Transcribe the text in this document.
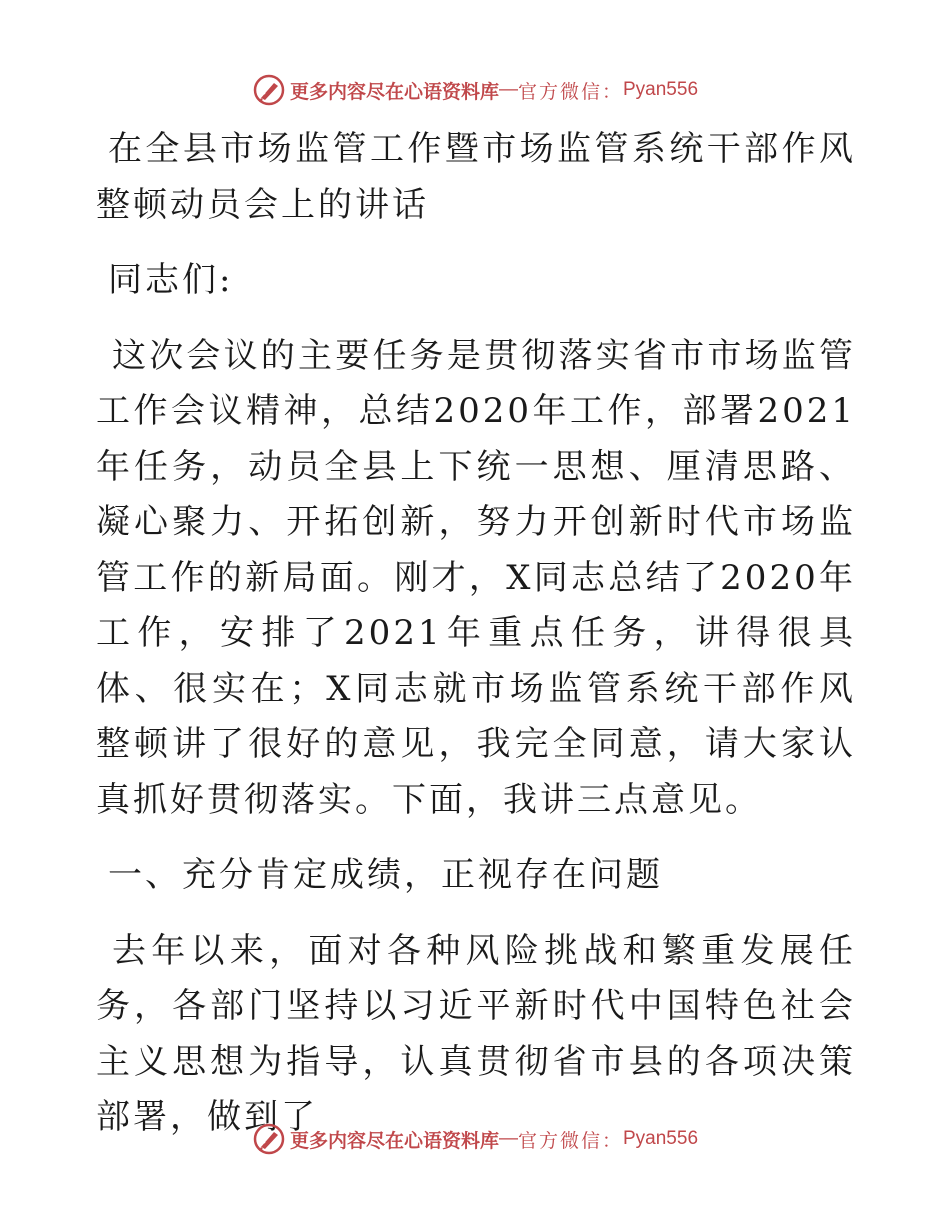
更多内容尽在心语资料库 — 官方微信： Pyan556

在全县市场监管工作暨市场监管系统干部作风整顿动员会上的讲话

同志们:

这次会议的主要任务是贯彻落实省市市场监管工作会议精神，总结2020年工作，部署2021年任务，动员全县上下统一思想、厘清思路、凝心聚力、开拓创新，努力开创新时代市场监管工作的新局面。刚才，X同志总结了2020年工作，安排了2021年重点任务，讲得很具体、很实在；X同志就市场监管系统干部作风整顿讲了很好的意见，我完全同意，请大家认真抓好贯彻落实。下面，我讲三点意见。

一、充分肯定成绩，正视存在问题

去年以来，面对各种风险挑战和繁重发展任务，各部门坚持以习近平新时代中国特色社会主义思想为指导，认真贯彻省市县的各项决策部署，做到了

更多内容尽在心语资料库 — 官方微信： Pyan556
